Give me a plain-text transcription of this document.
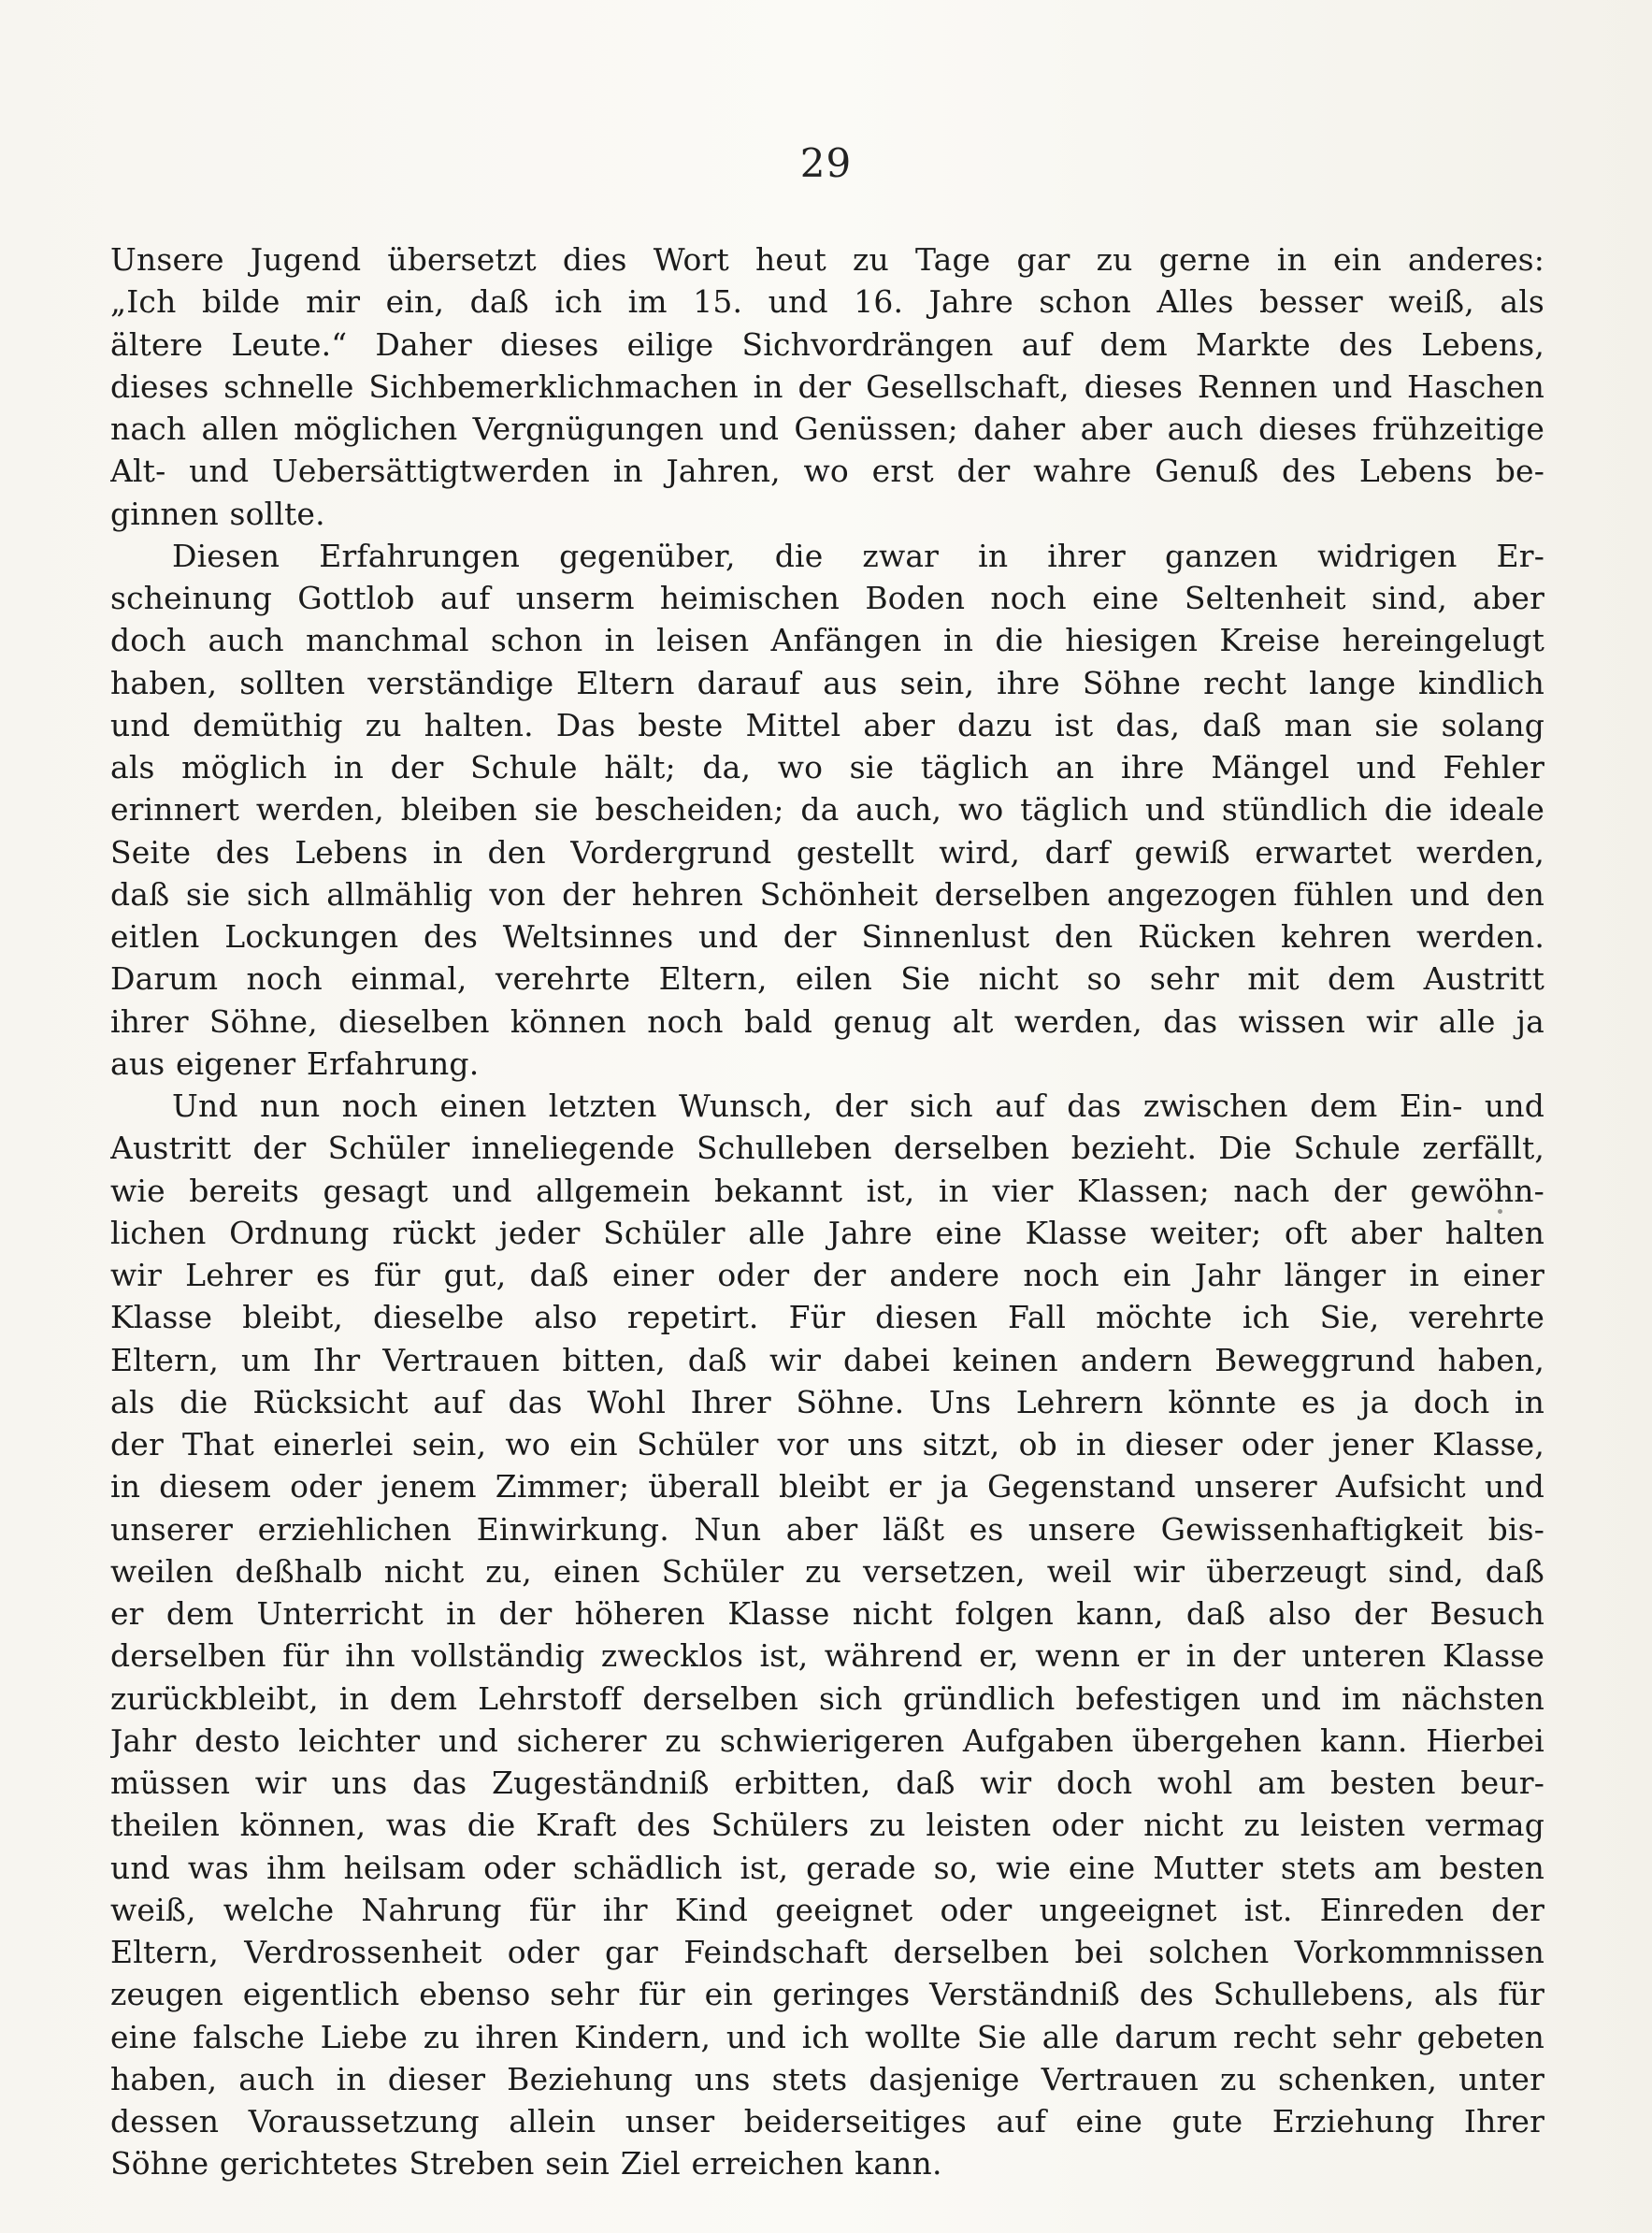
29
Unsere Jugend übersetzt dies Wort heut zu Tage gar zu gerne in ein anderes:
„Ich bilde mir ein, daß ich im 15. und 16. Jahre schon Alles besser weiß, als
ältere Leute.“ Daher dieses eilige Sichvordrängen auf dem Markte des Lebens,
dieses schnelle Sichbemerklichmachen in der Gesellschaft, dieses Rennen und Haschen
nach allen möglichen Vergnügungen und Genüssen; daher aber auch dieses frühzeitige
Alt- und Uebersättigtwerden in Jahren, wo erst der wahre Genuß des Lebens be-
ginnen sollte.
Diesen Erfahrungen gegenüber, die zwar in ihrer ganzen widrigen Er-
scheinung Gottlob auf unserm heimischen Boden noch eine Seltenheit sind, aber
doch auch manchmal schon in leisen Anfängen in die hiesigen Kreise hereingelugt
haben, sollten verständige Eltern darauf aus sein, ihre Söhne recht lange kindlich
und demüthig zu halten. Das beste Mittel aber dazu ist das, daß man sie solang
als möglich in der Schule hält; da, wo sie täglich an ihre Mängel und Fehler
erinnert werden, bleiben sie bescheiden; da auch, wo täglich und stündlich die ideale
Seite des Lebens in den Vordergrund gestellt wird, darf gewiß erwartet werden,
daß sie sich allmählig von der hehren Schönheit derselben angezogen fühlen und den
eitlen Lockungen des Weltsinnes und der Sinnenlust den Rücken kehren werden.
Darum noch einmal, verehrte Eltern, eilen Sie nicht so sehr mit dem Austritt
ihrer Söhne, dieselben können noch bald genug alt werden, das wissen wir alle ja
aus eigener Erfahrung.
Und nun noch einen letzten Wunsch, der sich auf das zwischen dem Ein- und
Austritt der Schüler inneliegende Schulleben derselben bezieht. Die Schule zerfällt,
wie bereits gesagt und allgemein bekannt ist, in vier Klassen; nach der gewöhn-
lichen Ordnung rückt jeder Schüler alle Jahre eine Klasse weiter; oft aber halten
wir Lehrer es für gut, daß einer oder der andere noch ein Jahr länger in einer
Klasse bleibt, dieselbe also repetirt. Für diesen Fall möchte ich Sie, verehrte
Eltern, um Ihr Vertrauen bitten, daß wir dabei keinen andern Beweggrund haben,
als die Rücksicht auf das Wohl Ihrer Söhne. Uns Lehrern könnte es ja doch in
der That einerlei sein, wo ein Schüler vor uns sitzt, ob in dieser oder jener Klasse,
in diesem oder jenem Zimmer; überall bleibt er ja Gegenstand unserer Aufsicht und
unserer erziehlichen Einwirkung. Nun aber läßt es unsere Gewissenhaftigkeit bis-
weilen deßhalb nicht zu, einen Schüler zu versetzen, weil wir überzeugt sind, daß
er dem Unterricht in der höheren Klasse nicht folgen kann, daß also der Besuch
derselben für ihn vollständig zwecklos ist, während er, wenn er in der unteren Klasse
zurückbleibt, in dem Lehrstoff derselben sich gründlich befestigen und im nächsten
Jahr desto leichter und sicherer zu schwierigeren Aufgaben übergehen kann. Hierbei
müssen wir uns das Zugeständniß erbitten, daß wir doch wohl am besten beur-
theilen können, was die Kraft des Schülers zu leisten oder nicht zu leisten vermag
und was ihm heilsam oder schädlich ist, gerade so, wie eine Mutter stets am besten
weiß, welche Nahrung für ihr Kind geeignet oder ungeeignet ist. Einreden der
Eltern, Verdrossenheit oder gar Feindschaft derselben bei solchen Vorkommnissen
zeugen eigentlich ebenso sehr für ein geringes Verständniß des Schullebens, als für
eine falsche Liebe zu ihren Kindern, und ich wollte Sie alle darum recht sehr gebeten
haben, auch in dieser Beziehung uns stets dasjenige Vertrauen zu schenken, unter
dessen Voraussetzung allein unser beiderseitiges auf eine gute Erziehung Ihrer
Söhne gerichtetes Streben sein Ziel erreichen kann.
